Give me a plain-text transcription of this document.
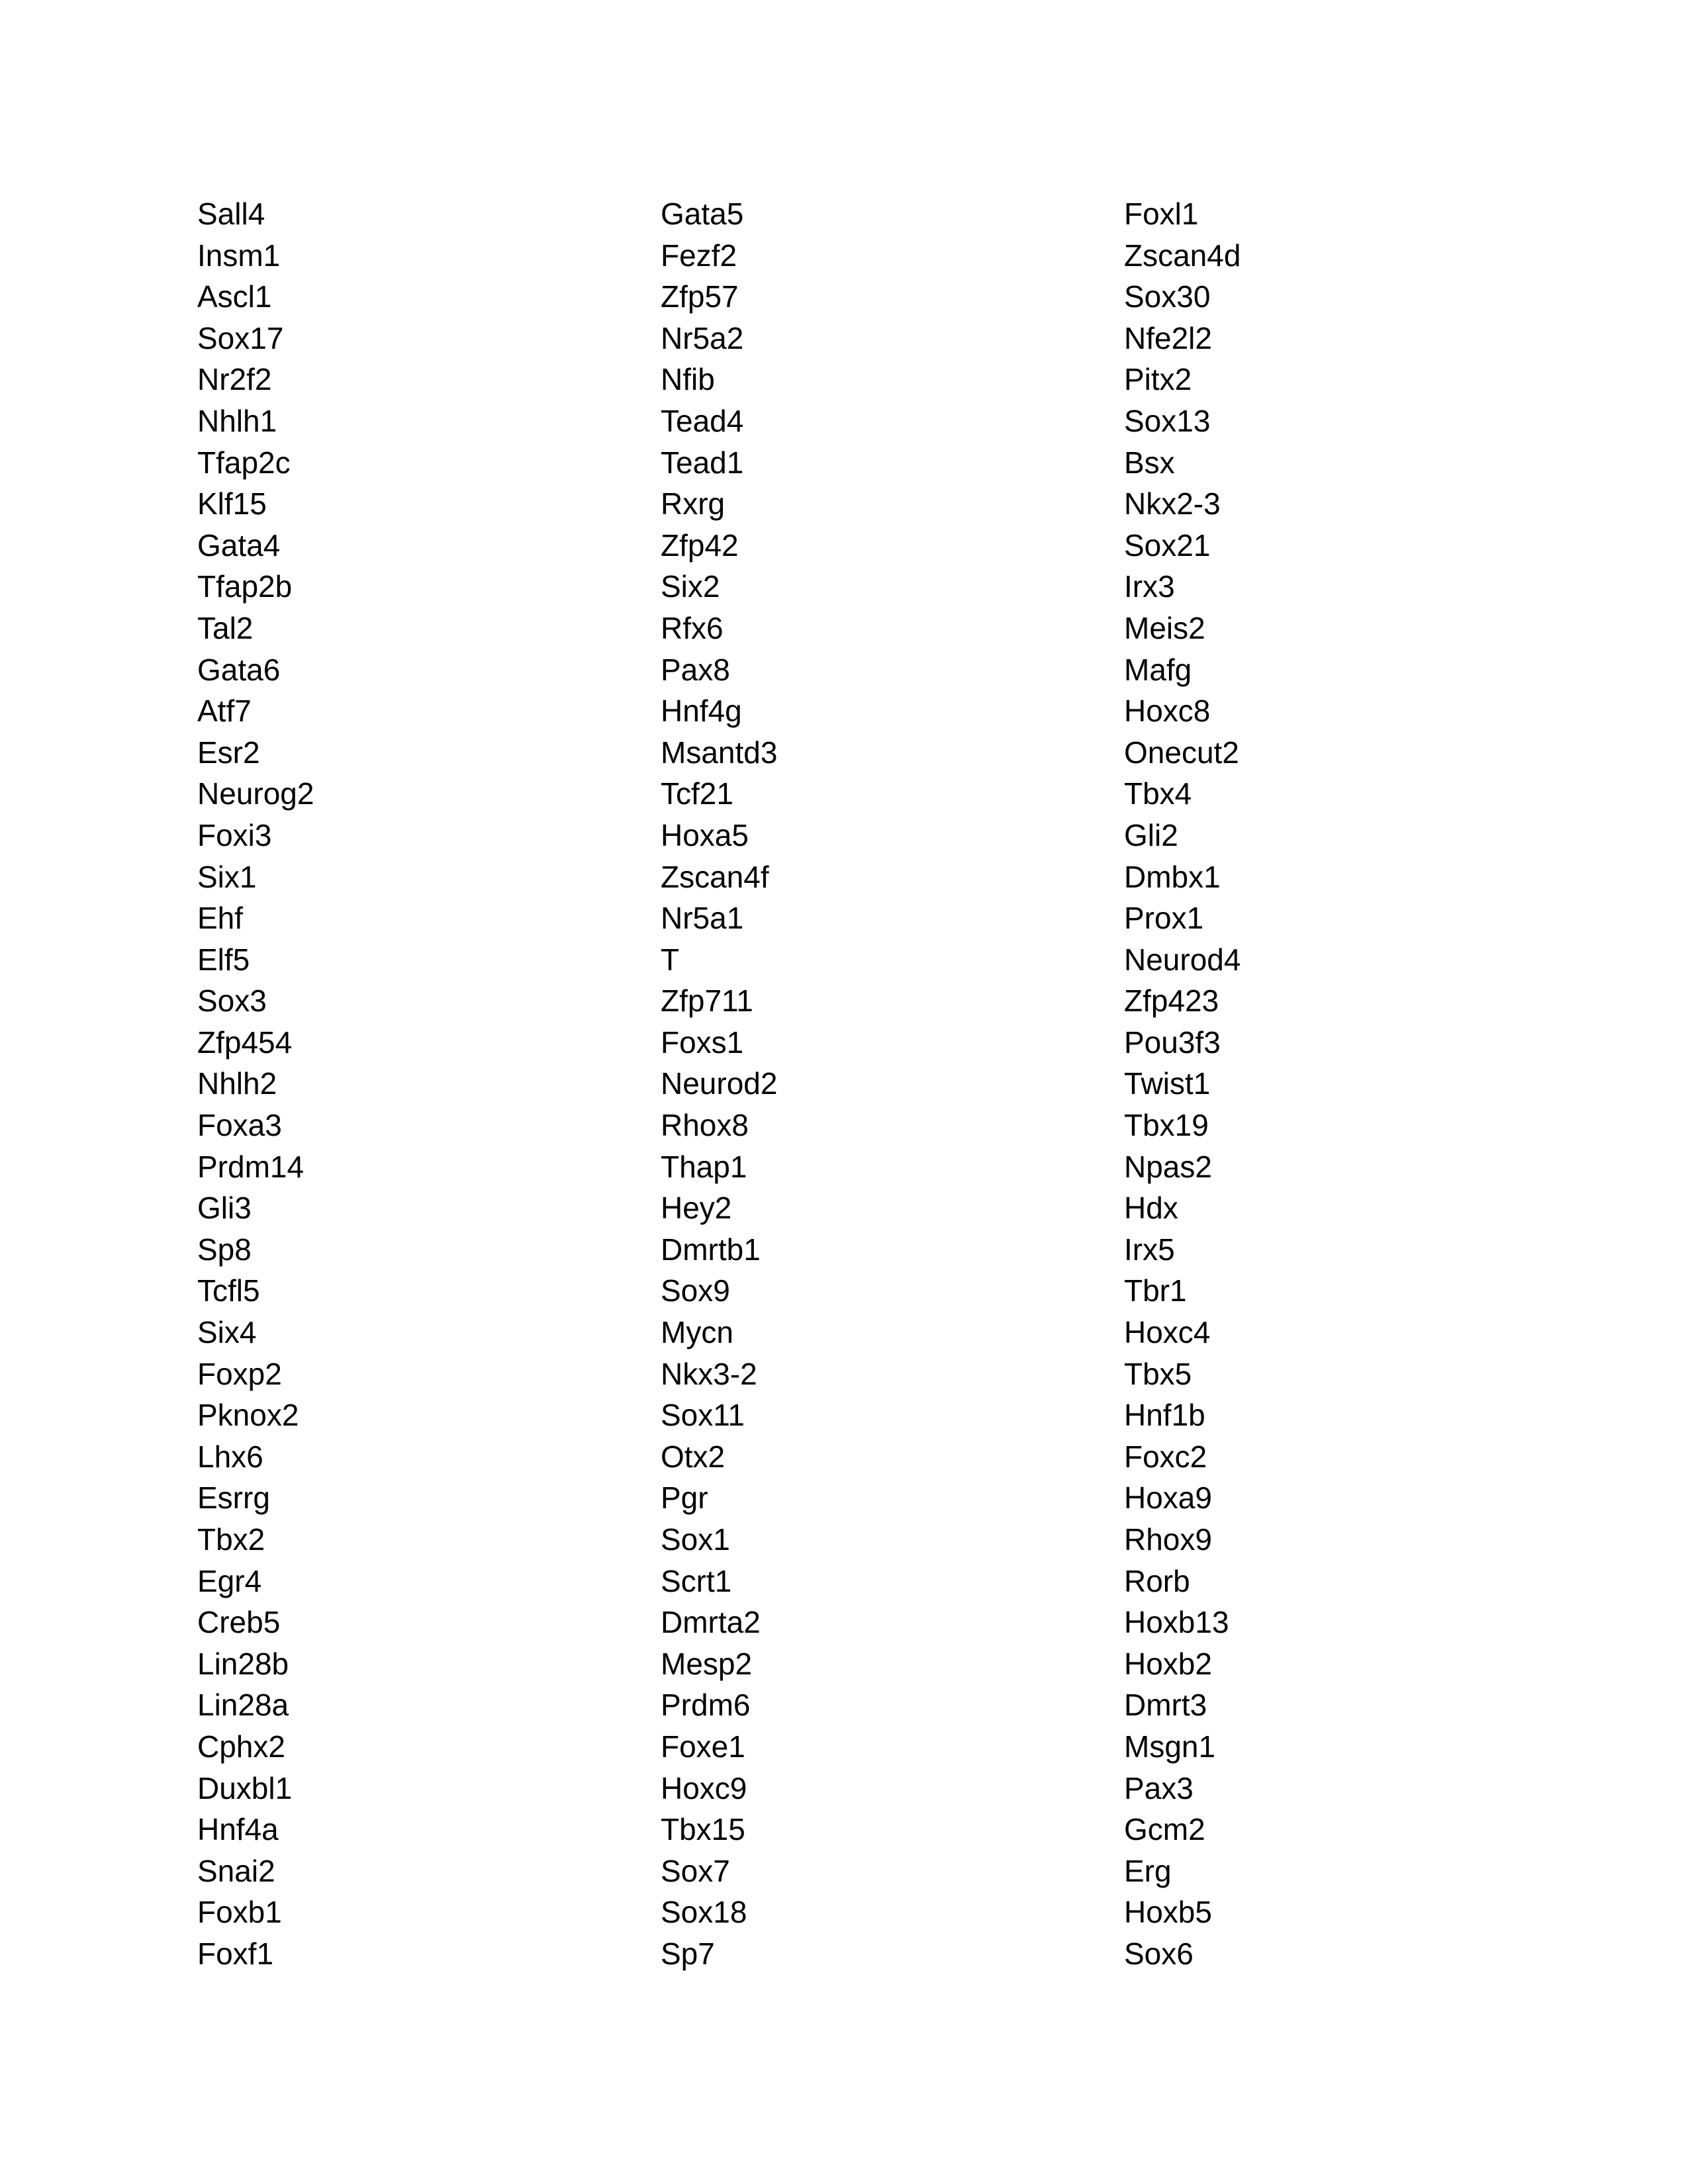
Sall4
Insm1
Ascl1
Sox17
Nr2f2
Nhlh1
Tfap2c
Klf15
Gata4
Tfap2b
Tal2
Gata6
Atf7
Esr2
Neurog2
Foxi3
Six1
Ehf
Elf5
Sox3
Zfp454
Nhlh2
Foxa3
Prdm14
Gli3
Sp8
Tcfl5
Six4
Foxp2
Pknox2
Lhx6
Esrrg
Tbx2
Egr4
Creb5
Lin28b
Lin28a
Cphx2
Duxbl1
Hnf4a
Snai2
Foxb1
Foxf1
Gata5
Fezf2
Zfp57
Nr5a2
Nfib
Tead4
Tead1
Rxrg
Zfp42
Six2
Rfx6
Pax8
Hnf4g
Msantd3
Tcf21
Hoxa5
Zscan4f
Nr5a1
T
Zfp711
Foxs1
Neurod2
Rhox8
Thap1
Hey2
Dmrtb1
Sox9
Mycn
Nkx3-2
Sox11
Otx2
Pgr
Sox1
Scrt1
Dmrta2
Mesp2
Prdm6
Foxe1
Hoxc9
Tbx15
Sox7
Sox18
Sp7
Foxl1
Zscan4d
Sox30
Nfe2l2
Pitx2
Sox13
Bsx
Nkx2-3
Sox21
Irx3
Meis2
Mafg
Hoxc8
Onecut2
Tbx4
Gli2
Dmbx1
Prox1
Neurod4
Zfp423
Pou3f3
Twist1
Tbx19
Npas2
Hdx
Irx5
Tbr1
Hoxc4
Tbx5
Hnf1b
Foxc2
Hoxa9
Rhox9
Rorb
Hoxb13
Hoxb2
Dmrt3
Msgn1
Pax3
Gcm2
Erg
Hoxb5
Sox6
